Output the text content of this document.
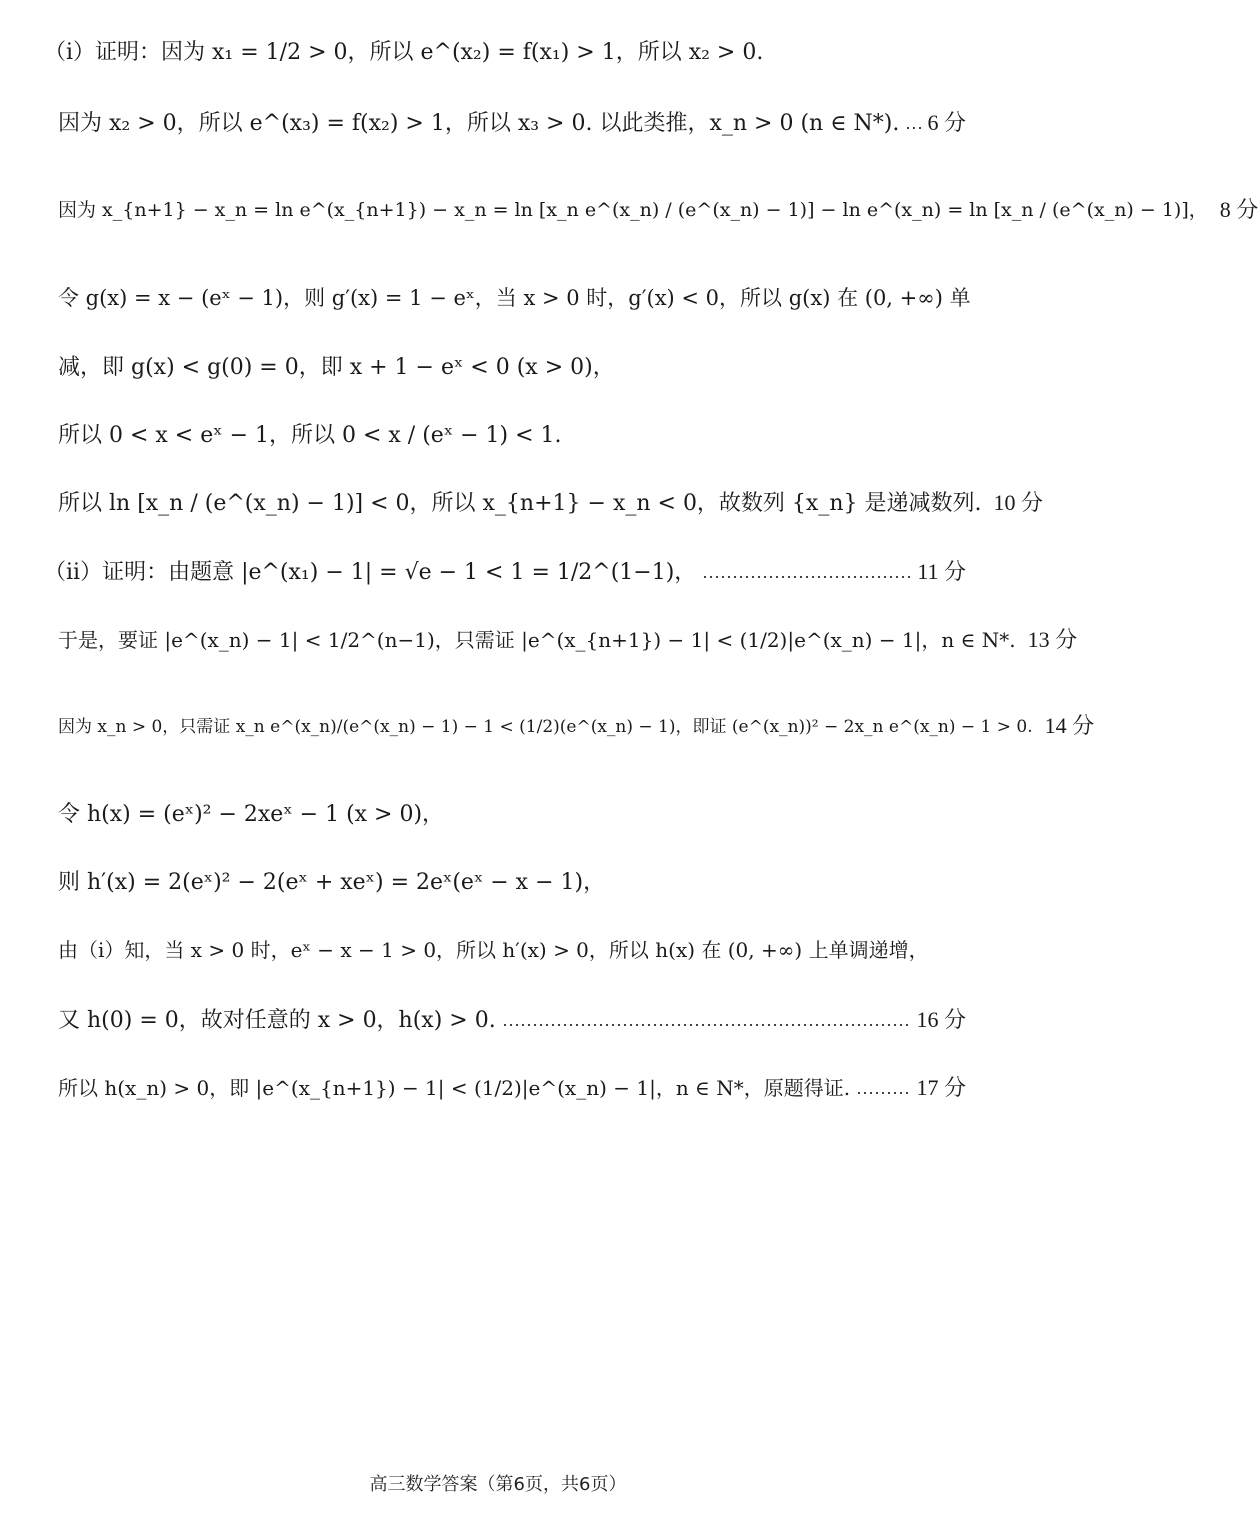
（i）证明：因为 x₁ = 1/2 > 0，所以 e^(x₂) = f(x₁) > 1，所以 x₂ > 0.
因为 x₂ > 0，所以 e^(x₃) = f(x₂) > 1，所以 x₃ > 0. 以此类推，x_n > 0 (n ∈ N*). 6 分
因为 x_{n+1} − x_n = ln e^(x_{n+1}) − x_n = ln [x_n e^(x_n) / (e^(x_n) − 1)] − ln e^(x_n) = ln [x_n / (e^(x_n) − 1)]， 8 分
令 g(x) = x − (eˣ − 1)，则 g′(x) = 1 − eˣ，当 x > 0 时，g′(x) < 0，所以 g(x) 在 (0, +∞) 单
减，即 g(x) < g(0) = 0，即 x + 1 − eˣ < 0 (x > 0)，
所以 0 < x < eˣ − 1，所以 0 < x / (eˣ − 1) < 1.
所以 ln [x_n / (e^(x_n) − 1)] < 0，所以 x_{n+1} − x_n < 0，故数列 {x_n} 是递减数列. 10 分
（ii）证明：由题意 |e^(x₁) − 1| = √e − 1 < 1 = 1/2^(1−1)，	11 分
于是，要证 |e^(x_n) − 1| < 1/2^(n−1)，只需证 |e^(x_{n+1}) − 1| < (1/2)|e^(x_n) − 1|，n ∈ N*. 13 分
因为 x_n > 0，只需证 x_n e^(x_n)/(e^(x_n) − 1) − 1 < (1/2)(e^(x_n) − 1)，即证 (e^(x_n))² − 2x_n e^(x_n) − 1 > 0. 14 分
令 h(x) = (eˣ)² − 2xeˣ − 1 (x > 0)，
则 h′(x) = 2(eˣ)² − 2(eˣ + xeˣ) = 2eˣ(eˣ − x − 1)，
由（i）知，当 x > 0 时，eˣ − x − 1 > 0，所以 h′(x) > 0，所以 h(x) 在 (0, +∞) 上单调递增，
又 h(0) = 0，故对任意的 x > 0，h(x) > 0.	16 分
所以 h(x_n) > 0，即 |e^(x_{n+1}) − 1| < (1/2)|e^(x_n) − 1|，n ∈ N*，原题得证.	17 分
高三数学答案（第6页，共6页）
